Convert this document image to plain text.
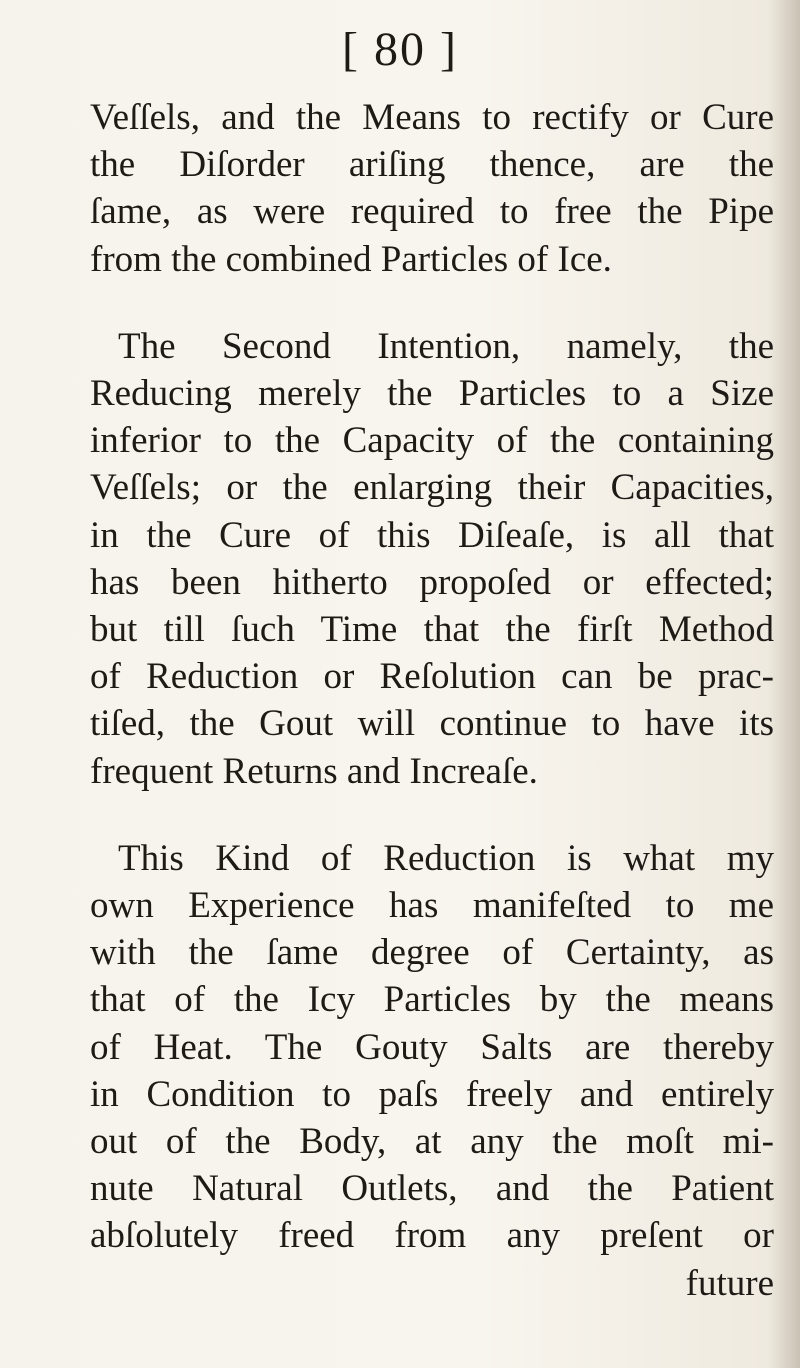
[ 80 ]
Veſſels, and the Means to rectify or Cure
the Diſorder ariſing thence, are the
ſame, as were required to free the Pipe
from the combined Particles of Ice.
The Second Intention, namely, the
Reducing merely the Particles to a Size
inferior to the Capacity of the containing
Veſſels; or the enlarging their Capacities,
in the Cure of this Diſeaſe, is all that
has been hitherto propoſed or effected;
but till ſuch Time that the firſt Method
of Reduction or Reſolution can be prac-
tiſed, the Gout will continue to have its
frequent Returns and Increaſe.
This Kind of Reduction is what my
own Experience has manifeſted to me
with the ſame degree of Certainty, as
that of the Icy Particles by the means
of Heat. The Gouty Salts are thereby
in Condition to paſs freely and entirely
out of the Body, at any the moſt mi-
nute Natural Outlets, and the Patient
abſolutely freed from any preſent or
future
